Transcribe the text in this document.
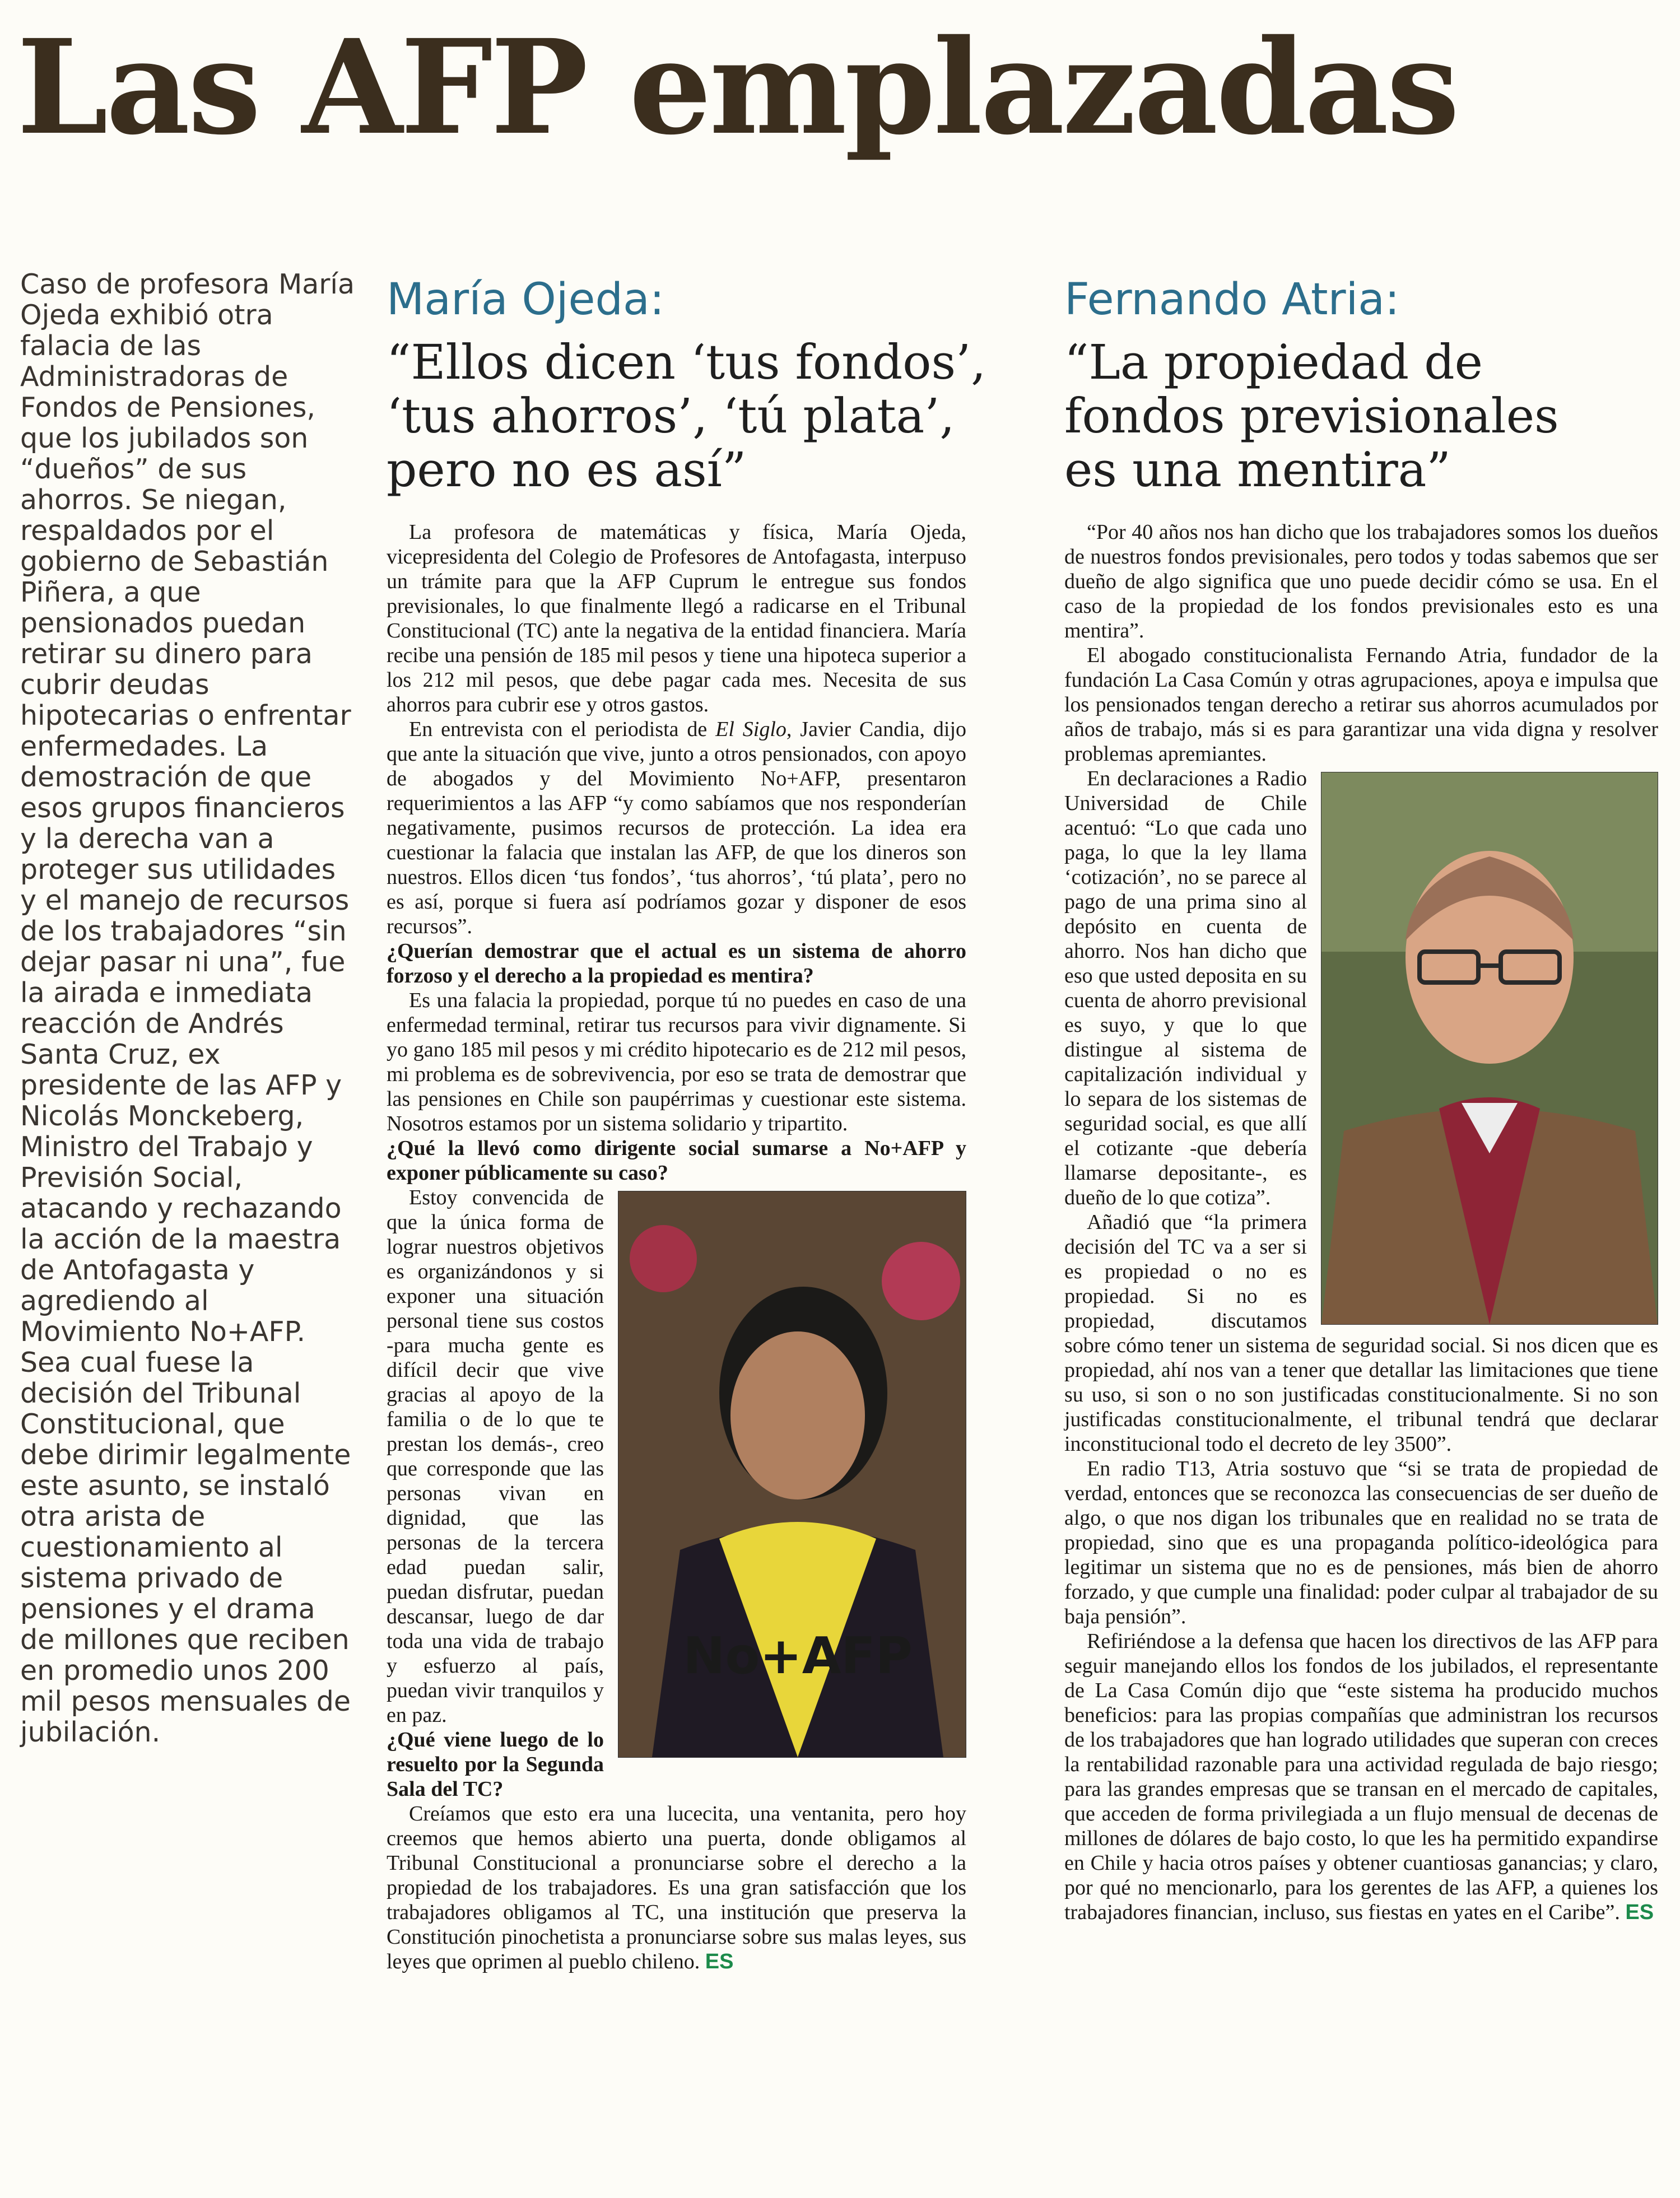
Las AFP emplazadas

Caso de profesora María Ojeda exhibió otra falacia de las Administradoras de Fondos de Pensiones, que los jubilados son “dueños” de sus ahorros. Se niegan, respaldados por el gobierno de Sebastián Piñera, a que pensionados puedan retirar su dinero para cubrir deudas hipotecarias o enfrentar enfermedades. La demostración de que esos grupos financieros y la derecha van a proteger sus utilidades y el manejo de recursos de los trabajadores “sin dejar pasar ni una”, fue la airada e inmediata reacción de Andrés Santa Cruz, ex presidente de las AFP y Nicolás Monckeberg, Ministro del Trabajo y Previsión Social, atacando y rechazando la acción de la maestra de Antofagasta y agrediendo al Movimiento No+AFP. Sea cual fuese la decisión del Tribunal Constitucional, que debe dirimir legalmente este asunto, se instaló otra arista de cuestionamiento al sistema privado de pensiones y el drama de millones que reciben en promedio unos 200 mil pesos mensuales de jubilación.

María Ojeda:
“Ellos dicen ‘tus fondos’,
‘tus ahorros’, ‘tú plata’,
pero no es así”

La profesora de matemáticas y física, María Ojeda, vicepresidenta del Colegio de Profesores de Antofagasta, interpuso un trámite para que la AFP Cuprum le entregue sus fondos previsionales, lo que finalmente llegó a radicarse en el Tribunal Constitucional (TC) ante la negativa de la entidad financiera. María recibe una pensión de 185 mil pesos y tiene una hipoteca superior a los 212 mil pesos, que debe pagar cada mes. Necesita de sus ahorros para cubrir ese y otros gastos.

En entrevista con el periodista de El Siglo, Javier Candia, dijo que ante la situación que vive, junto a otros pensionados, con apoyo de abogados y del Movimiento No+AFP, presentaron requerimientos a las AFP “y como sabíamos que nos responderían negativamente, pusimos recursos de protección. La idea era cuestionar la falacia que instalan las AFP, de que los dineros son nuestros. Ellos dicen ‘tus fondos’, ‘tus ahorros’, ‘tú plata’, pero no es así, porque si fuera así podríamos gozar y disponer de esos recursos”.

¿Querían demostrar que el actual es un sistema de ahorro forzoso y el derecho a la propiedad es mentira?

Es una falacia la propiedad, porque tú no puedes en caso de una enfermedad terminal, retirar tus recursos para vivir dignamente. Si yo gano 185 mil pesos y mi crédito hipotecario es de 212 mil pesos, mi problema es de sobrevivencia, por eso se trata de demostrar que las pensiones en Chile son paupérrimas y cuestionar este sistema. Nosotros estamos por un sistema solidario y tripartito.

¿Qué la llevó como dirigente social sumarse a No+AFP y exponer públicamente su caso?

No+AFP

Estoy convencida de que la única forma de lograr nuestros objetivos es organizándonos y si exponer una situación personal tiene sus costos -para mucha gente es difícil decir que vive gracias al apoyo de la familia o de lo que te prestan los demás-, creo que corresponde que las personas vivan en dignidad, que las personas de la tercera edad puedan salir, puedan disfrutar, puedan descansar, luego de dar toda una vida de trabajo y esfuerzo al país, puedan vivir tranquilos y en paz.

¿Qué viene luego de lo resuelto por la Segunda Sala del TC?

Creíamos que esto era una lucecita, una ventanita, pero hoy creemos que hemos abierto una puerta, donde obligamos al Tribunal Constitucional a pronunciarse sobre el derecho a la propiedad de los trabajadores. Es una gran satisfacción que los trabajadores obligamos al TC, una institución que preserva la Constitución pinochetista a pronunciarse sobre sus malas leyes, sus leyes que oprimen al pueblo chileno. ES

Fernando Atria:
“La propiedad de
fondos previsionales
es una mentira”

“Por 40 años nos han dicho que los trabajadores somos los dueños de nuestros fondos previsionales, pero todos y todas sabemos que ser dueño de algo significa que uno puede decidir cómo se usa. En el caso de la propiedad de los fondos previsionales esto es una mentira”.

El abogado constitucionalista Fernando Atria, fundador de la fundación La Casa Común y otras agrupaciones, apoya e impulsa que los pensionados tengan derecho a retirar sus ahorros acumulados por años de trabajo, más si es para garantizar una vida digna y resolver problemas apremiantes.

En declaraciones a Radio Universidad de Chile acentuó: “Lo que cada uno paga, lo que la ley llama ‘cotización’, no se parece al pago de una prima sino al depósito en cuenta de ahorro. Nos han dicho que eso que usted deposita en su cuenta de ahorro previsional es suyo, y que lo que distingue al sistema de capitalización individual y lo separa de los sistemas de seguridad social, es que allí el cotizante -que debería llamarse depositante-, es dueño de lo que cotiza”.

Añadió que “la primera decisión del TC va a ser si es propiedad o no es propiedad. Si no es propiedad, discutamos sobre cómo tener un sistema de seguridad social. Si nos dicen que es propiedad, ahí nos van a tener que detallar las limitaciones que tiene su uso, si son o no son justificadas constitucionalmente. Si no son justificadas constitucionalmente, el tribunal tendrá que declarar inconstitucional todo el decreto de ley 3500”.

En radio T13, Atria sostuvo que “si se trata de propiedad de verdad, entonces que se reconozca las consecuencias de ser dueño de algo, o que nos digan los tribunales que en realidad no se trata de propiedad, sino que es una propaganda político-ideológica para legitimar un sistema que no es de pensiones, más bien de ahorro forzado, y que cumple una finalidad: poder culpar al trabajador de su baja pensión”.

Refiriéndose a la defensa que hacen los directivos de las AFP para seguir manejando ellos los fondos de los jubilados, el representante de La Casa Común dijo que “este sistema ha producido muchos beneficios: para las propias compañías que administran los recursos de los trabajadores que han logrado utilidades que superan con creces la rentabilidad razonable para una actividad regulada de bajo riesgo; para las grandes empresas que se transan en el mercado de capitales, que acceden de forma privilegiada a un flujo mensual de decenas de millones de dólares de bajo costo, lo que les ha permitido expandirse en Chile y hacia otros países y obtener cuantiosas ganancias; y claro, por qué no mencionarlo, para los gerentes de las AFP, a quienes los trabajadores financian, incluso, sus fiestas en yates en el Caribe”. ES
